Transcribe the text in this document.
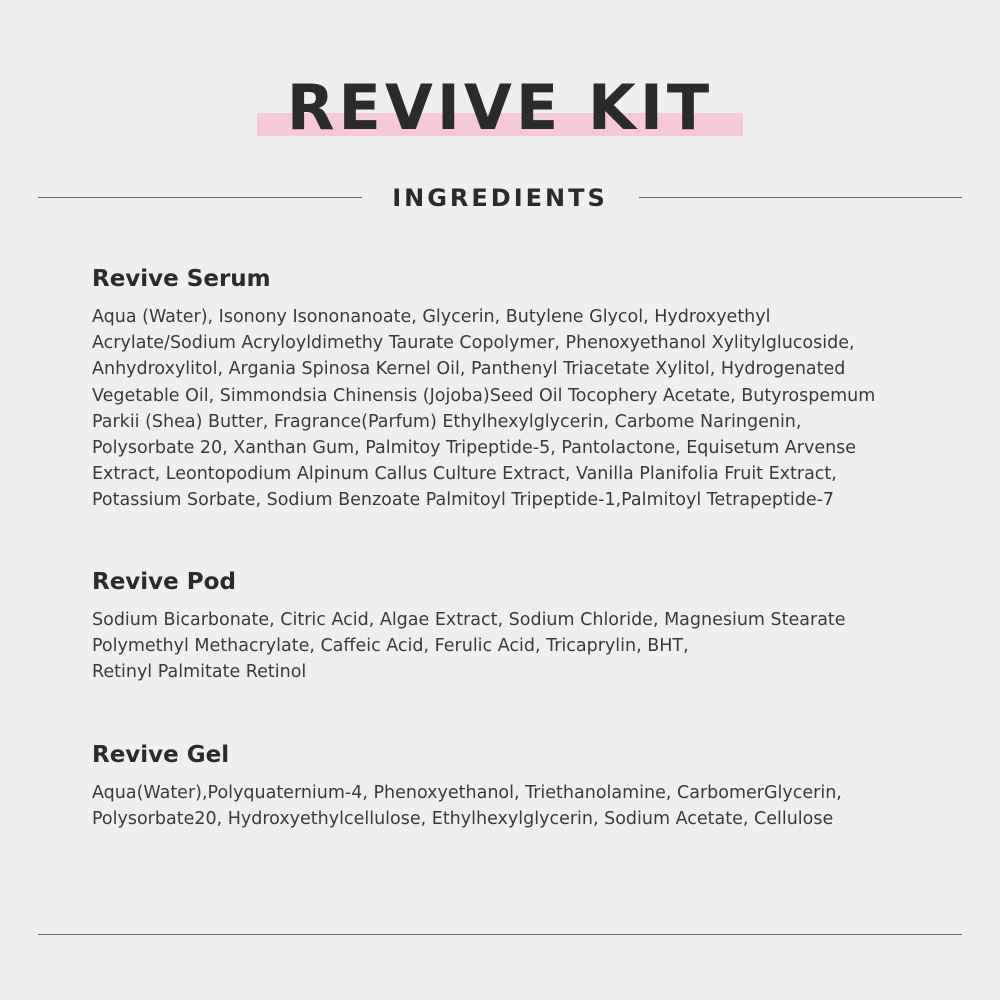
REVIVE KIT
INGREDIENTS
Revive Serum

Aqua (Water), Isonony Isononanoate, Glycerin, Butylene Glycol, Hydroxyethyl
Acrylate/Sodium Acryloyldimethy Taurate Copolymer, Phenoxyethanol Xylitylglucoside,
Anhydroxylitol, Argania Spinosa Kernel Oil, Panthenyl Triacetate Xylitol, Hydrogenated
Vegetable Oil, Simmondsia Chinensis (Jojoba)Seed Oil Tocophery Acetate, Butyrospemum
Parkii (Shea) Butter, Fragrance(Parfum) Ethylhexylglycerin, Carbome Naringenin,
Polysorbate 20, Xanthan Gum, Palmitoy Tripeptide-5, Pantolactone, Equisetum Arvense
Extract, Leontopodium Alpinum Callus Culture Extract, Vanilla Planifolia Fruit Extract,
Potassium Sorbate, Sodium Benzoate Palmitoyl Tripeptide-1,Palmitoyl Tetrapeptide-7

Revive Pod

Sodium Bicarbonate, Citric Acid, Algae Extract, Sodium Chloride, Magnesium Stearate
Polymethyl Methacrylate, Caffeic Acid, Ferulic Acid, Tricaprylin, BHT,
Retinyl Palmitate Retinol

Revive Gel

Aqua(Water),Polyquaternium-4, Phenoxyethanol, Triethanolamine, CarbomerGlycerin,
Polysorbate20, Hydroxyethylcellulose, Ethylhexylglycerin, Sodium Acetate, Cellulose
